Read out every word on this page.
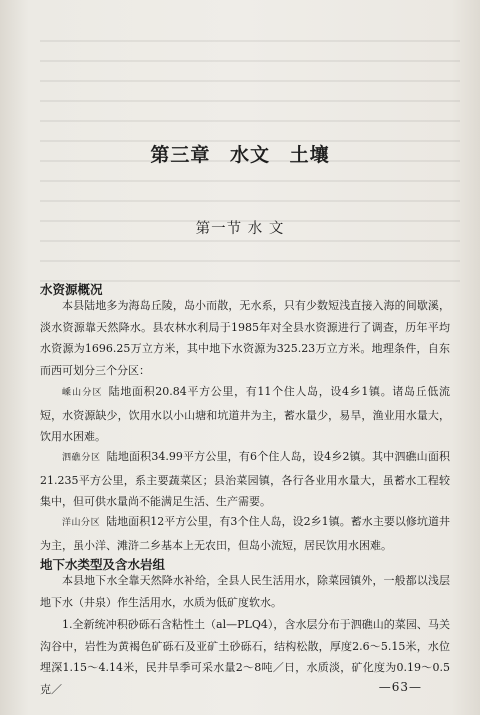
第三章 水文 土壤
第一节 水 文
水资源概况

本县陆地多为海岛丘陵，岛小而散，无水系，只有少数短浅直接入海的间歇溪，淡水资源靠天然降水。县农林水利局于1985年对全县水资源进行了调查，历年平均水资源为1696.25万立方米，其中地下水资源为325.23万立方米。地理条件，自东而西可划分三个分区：

嵊山分区 陆地面积20.84平方公里，有11个住人岛，设4乡1镇。诸岛丘低流短，水资源缺少，饮用水以小山塘和坑道井为主，蓄水量少，易旱，渔业用水量大，饮用水困难。

泗礁分区 陆地面积34.99平方公里，有6个住人岛，设4乡2镇。其中泗礁山面积21.235平方公里，系主要蔬菜区；县治菜园镇，各行各业用水量大，虽蓄水工程较集中，但可供水量尚不能满足生活、生产需要。

洋山分区 陆地面积12平方公里，有3个住人岛，设2乡1镇。蓄水主要以修坑道井为主，虽小洋、滩浒二乡基本上无农田，但岛小流短，居民饮用水困难。

地下水类型及含水岩组

本县地下水全靠天然降水补给，全县人民生活用水，除菜园镇外，一般都以浅层地下水（井泉）作生活用水，水质为低矿度软水。

1.全新统冲积砂砾石含粘性土（al—PLQ4），含水层分布于泗礁山的菜园、马关沟谷中，岩性为黄褐色矿砾石及亚矿土砂砾石，结构松散，厚度2.6～5.15米，水位埋深1.15～4.14米，民井旱季可采水量2～8吨／日，水质淡，矿化度为0.19～0.5克／	—63—
